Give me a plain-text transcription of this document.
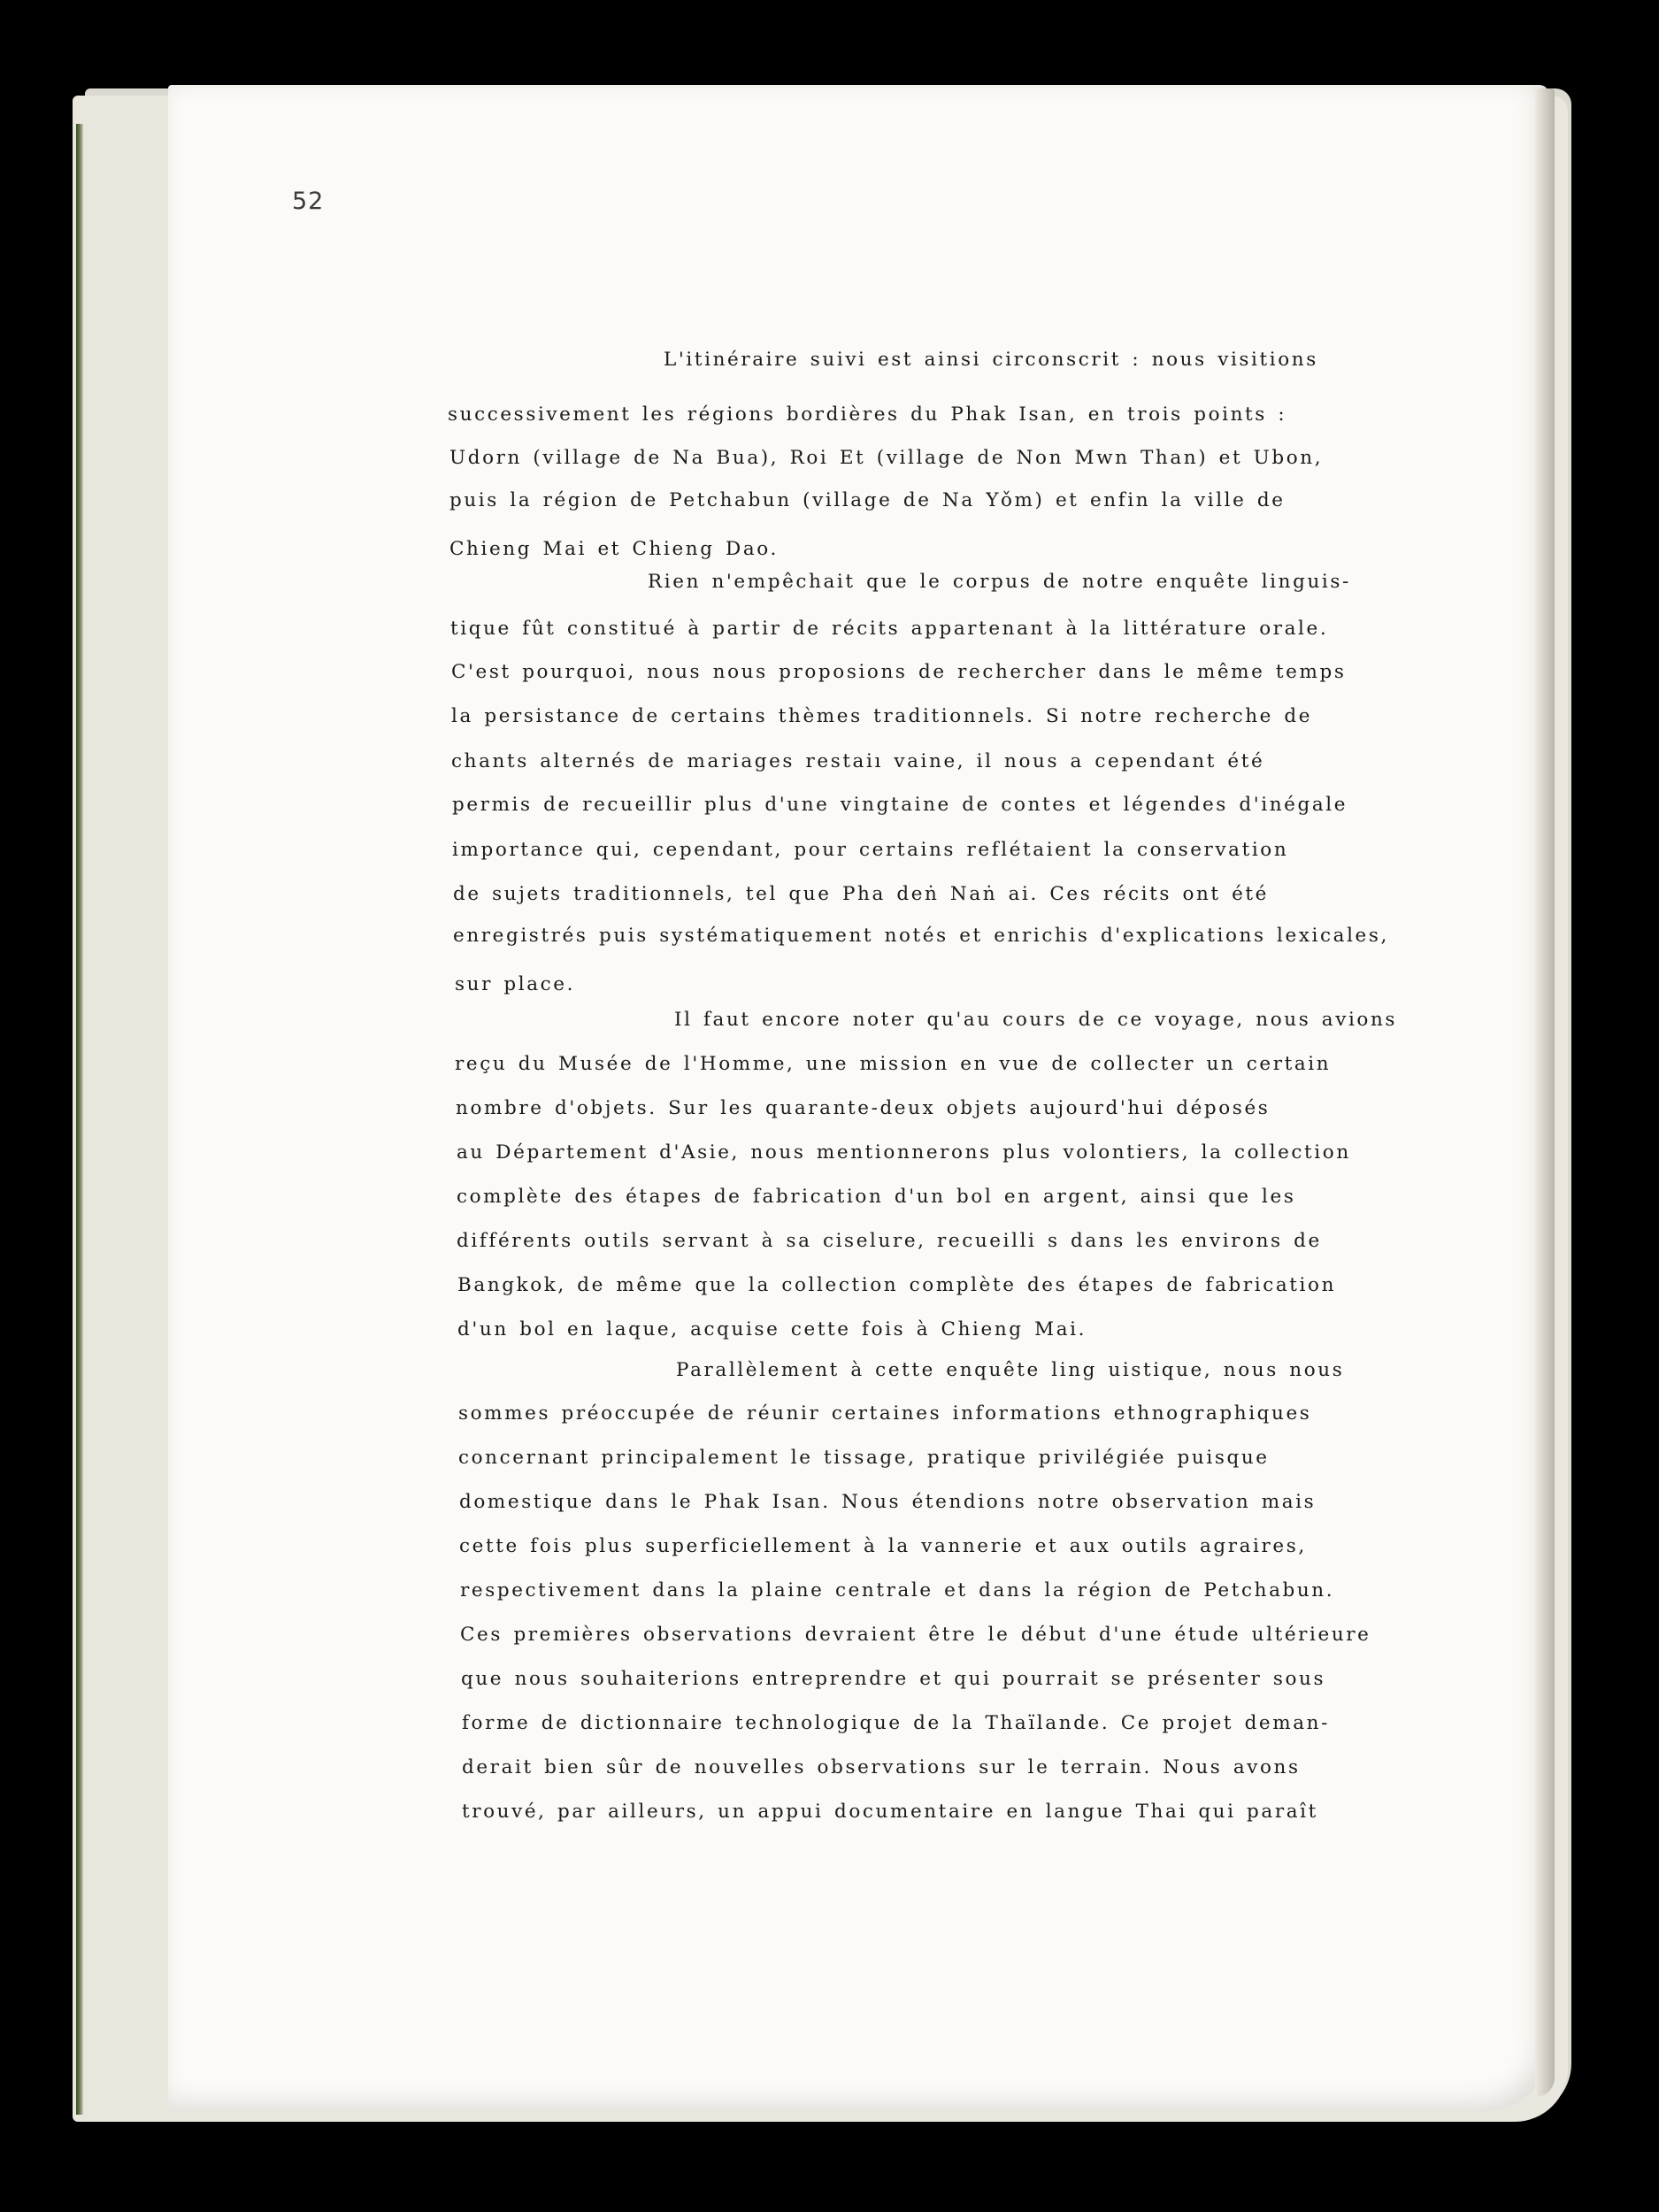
52
L'itinéraire suivi est ainsi circonscrit : nous visitions
successivement les régions bordières du Phak Isan, en trois points :
Udorn (village de Na Bua), Roi Et (village de Non Mwn Than) et Ubon,
puis la région de Petchabun (village de Na Yǒm) et enfin la ville de
Chieng Mai et Chieng Dao.
Rien n'empêchait que le corpus de notre enquête linguis-
tique fût constitué à partir de récits appartenant à la littérature orale.
C'est pourquoi, nous nous proposions de rechercher dans le même temps
la persistance de certains thèmes traditionnels. Si notre recherche de
chants alternés de mariages restaiı vaine, il nous a cependant été
permis de recueillir plus d'une vingtaine de contes et légendes d'inégale
importance qui, cependant, pour certains reflétaient la conservation
de sujets traditionnels, tel que Pha deṅ Naṅ ai. Ces récits ont été
enregistrés puis systématiquement notés et enrichis d'explications lexicales,
sur place.
Il faut encore noter qu'au cours de ce voyage, nous avions
reçu du Musée de l'Homme, une mission en vue de collecter un certain
nombre d'objets. Sur les quarante-deux objets aujourd'hui déposés
au Département d'Asie, nous mentionnerons plus volontiers, la collection
complète des étapes de fabrication d'un bol en argent, ainsi que les
différents outils servant à sa ciselure, recueilli s dans les environs de
Bangkok, de même que la collection complète des étapes de fabrication
d'un bol en laque, acquise cette fois à Chieng Mai.
Parallèlement à cette enquête ling uistique, nous nous
sommes préoccupée de réunir certaines informations ethnographiques
concernant principalement le tissage, pratique privilégiée puisque
domestique dans le Phak Isan. Nous étendions notre observation mais
cette fois plus superficiellement à la vannerie et aux outils agraires,
respectivement dans la plaine centrale et dans la région de Petchabun.
Ces premières observations devraient être le début d'une étude ultérieure
que nous souhaiterions entreprendre et qui pourrait se présenter sous
forme de dictionnaire technologique de la Thaïlande. Ce projet deman-
derait bien sûr de nouvelles observations sur le terrain. Nous avons
trouvé, par ailleurs, un appui documentaire en langue Thai qui paraît
